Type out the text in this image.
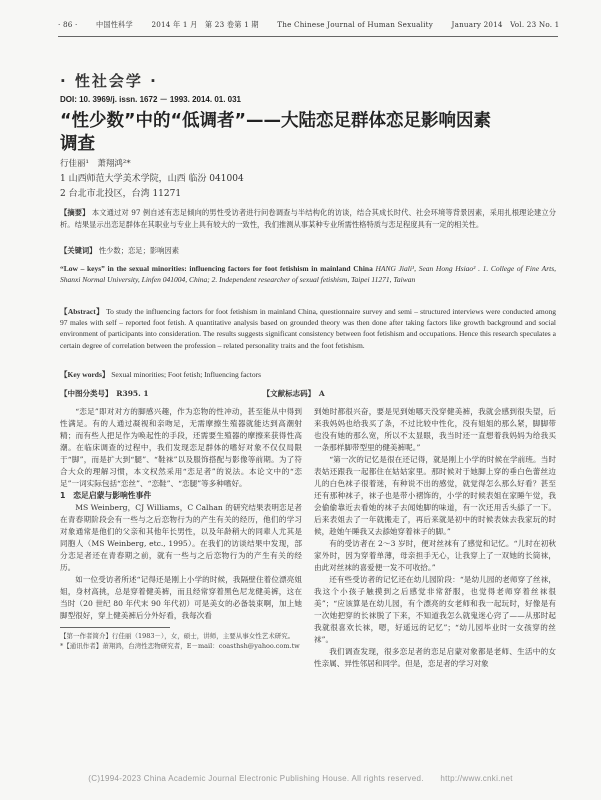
· 86 ·	中国性科学	2014 年 1 月　第 23 卷第 1 期	The Chinese Journal of Human Sexuality	January 2014　Vol. 23 No. 1
· 性社会学 ·
DOI: 10. 3969/j. issn. 1672 － 1993. 2014. 01. 031
“性少数”中的“低调者”——大陆恋足群体恋足影响因素调查
行佳丽¹　萧翔鸿²*
1 山西师范大学美术学院，山西 临汾 041004
2 台北市北投区，台湾 11271
【摘要】 本文通过对 97 例自述有恋足倾向的男性受访者进行问卷调查与半结构化的访谈，结合其成长时代、社会环境等背景因素，采用扎根理论建立分析。结果显示出恋足群体在其职业与专业上具有较大的一致性，我们推测从事某种专业所需性格特质与恋足程度具有一定的相关性。
【关键词】 性少数；恋足；影响因素
“Low – keys” in the sexual minorities: influencing factors for foot fetishism in mainland China HANG Jiali¹, Sean Hong Hsiao² . 1. College of Fine Arts, Shanxi Normal University, Linfen 041004, China; 2. Independent researcher of sexual fetishism, Taipei 11271, Taiwan
【Abstract】 To study the influencing factors for foot fetishism in mainland China, questionnaire survey and semi – structured interviews were conducted among 97 males with self – reported foot fetish. A quantitative analysis based on grounded theory was then done after taking factors like growth background and social environment of participants into consideration. The results suggests significant consistency between foot fetishism and occupations. Hence this research speculates a certain degree of correlation between the profession – related personality traits and the foot fetishism.
【Key words】 Sexual minorities; Foot fetish; Influencing factors
【中图分类号】　R395. 1	【文献标志码】　A

“恋足”即对对方的脚感兴趣，作为恋物的性冲动，甚至能从中得到性满足。有的人通过凝视和亲吻足，无需摩擦生殖器就能达到高潮射精；而有些人把足作为唤起性的手段，还需要生殖器的摩擦来获得性高潮。在临床调查的过程中，我们发现恋足群体的嗜好对象不仅仅局限于“脚”，而是扩大到“腿”、“鞋袜”以及服饰搭配与影像等前期。为了符合大众的理解习惯，本文权然采用“恋足者”的说法。本论文中的“恋足”一词实际包括“恋丝”、“恋鞋”、“恋腿”等多种嗜好。

1　恋足启蒙与影响性事件

MS Weinberg，CJ Williams，C Calhan 的研究结果表明恋足者在青春期阶段会有一些与之后恋物行为的产生有关的经历，他们的学习对象通常是他们的父亲和其他年长男性，以及年龄稍大的同辈人尤其是同胞人（MS Weinberg, etc., 1995）。在我们的访谈结果中发现，部分恋足者还在青春期之前，就有一些与之后恋物行为的产生有关的经历。

如一位受访者所述“记得还是刚上小学的时候，我隔壁住着位漂亮姐姐，身材高挑，总是穿着健美裤，而且经常穿着黑色尼龙健美裤，这在当时（20 世纪 80 年代末 90 年代初）可是美女的必备装束啊，加上她脚型很好，穿上健美裤后分外好看，我每次看

【第一作者简介】行佳丽（1983－），女，硕士，讲师，主要从事女性艺术研究。
*【通讯作者】萧翔鸿，台湾性恋物研究者，E－mail：coasthsh@yahoo.com.tw

到她时都很兴奋，要是见到她哪天没穿健美裤，我就会感到很失望，后来我妈妈也给我买了条，不过比较中性化，没有姐姐的那么紧，脚脚带也没有她的那么宽，所以不太显眼，我当时还一直想着我妈妈为给我买一条那样脚带型里的健美裤呢。”

“第一次的记忆是很在还记得，就是刚上小学的时候在学前班。当时表姑还跟我一起都住在姑姑家里。那时候对于她脚上穿的垂白色蕾丝边儿的白色袜子很着迷，有种说不出的感觉，就觉得怎么那么好看？甚至还有那种袜子，袜子也是带小褶饰的，小学的时候表姐在家睡午觉，我会偷偷靠近去看她的袜子去闻她脚的味道，有一次还用舌头舔了一下。后来表姐去了一年就搬走了，再后来就是初中的时候表妹去我家玩的时候，趁她午睡我又去舔她穿着袜子的脚。”

有的受访者在 2～3 岁时，便对丝袜有了感觉和记忆。“儿时在初秋家外时，因为穿着单薄，母亲担手无心，让我穿上了一双她的长筒袜，由此对丝袜的喜爱便一发不可收拾。”

还有些受访者的记忆还在幼儿园阶段：“是幼儿园的老师穿了丝袜，我这个小孩子触摸到之后感觉非常舒服，也觉得老师穿着丝袜很美”；“应该算是在幼儿园，有个漂亮的女老师和我一起玩时，好像是有一次她把穿的长袜脱了下来，不知道我怎么就鬼迷心窍了——从那时起我就很喜欢长袜，嗯，好遥远的记忆”；“幼儿园毕业时一女孩穿的丝袜”。

我们调查发现，很多恋足者的恋足启蒙对象都是老师、生活中的女性亲属、异性邻居和同学。但是，恋足者的学习对象

(C)1994-2023 China Academic Journal Electronic Publishing House. All rights reserved.　　http://www.cnki.net
